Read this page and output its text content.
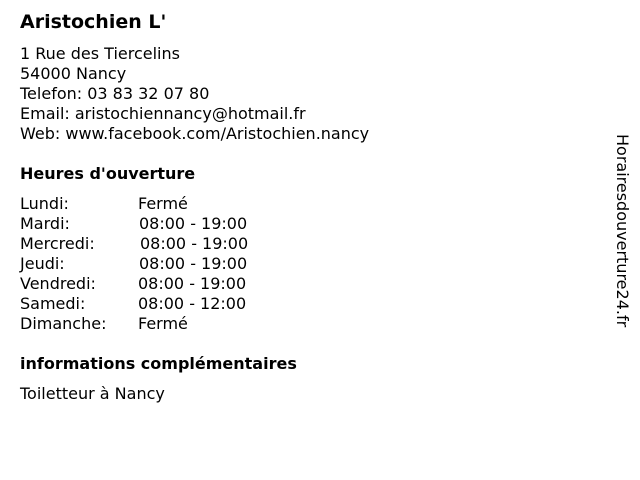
Aristochien L'
1 Rue des Tiercelins
54000 Nancy
Telefon: 03 83 32 07 80
Email: aristochiennancy@hotmail.fr
Web: www.facebook.com/Aristochien.nancy
Heures d'ouverture
Lundi:	Fermé
Mardi:	08:00 - 19:00
Mercredi:	08:00 - 19:00
Jeudi:	08:00 - 19:00
Vendredi:	08:00 - 19:00
Samedi:	08:00 - 12:00
Dimanche: Fermé
informations complémentaires
Toiletteur à Nancy
Horairesdouverture24.fr
